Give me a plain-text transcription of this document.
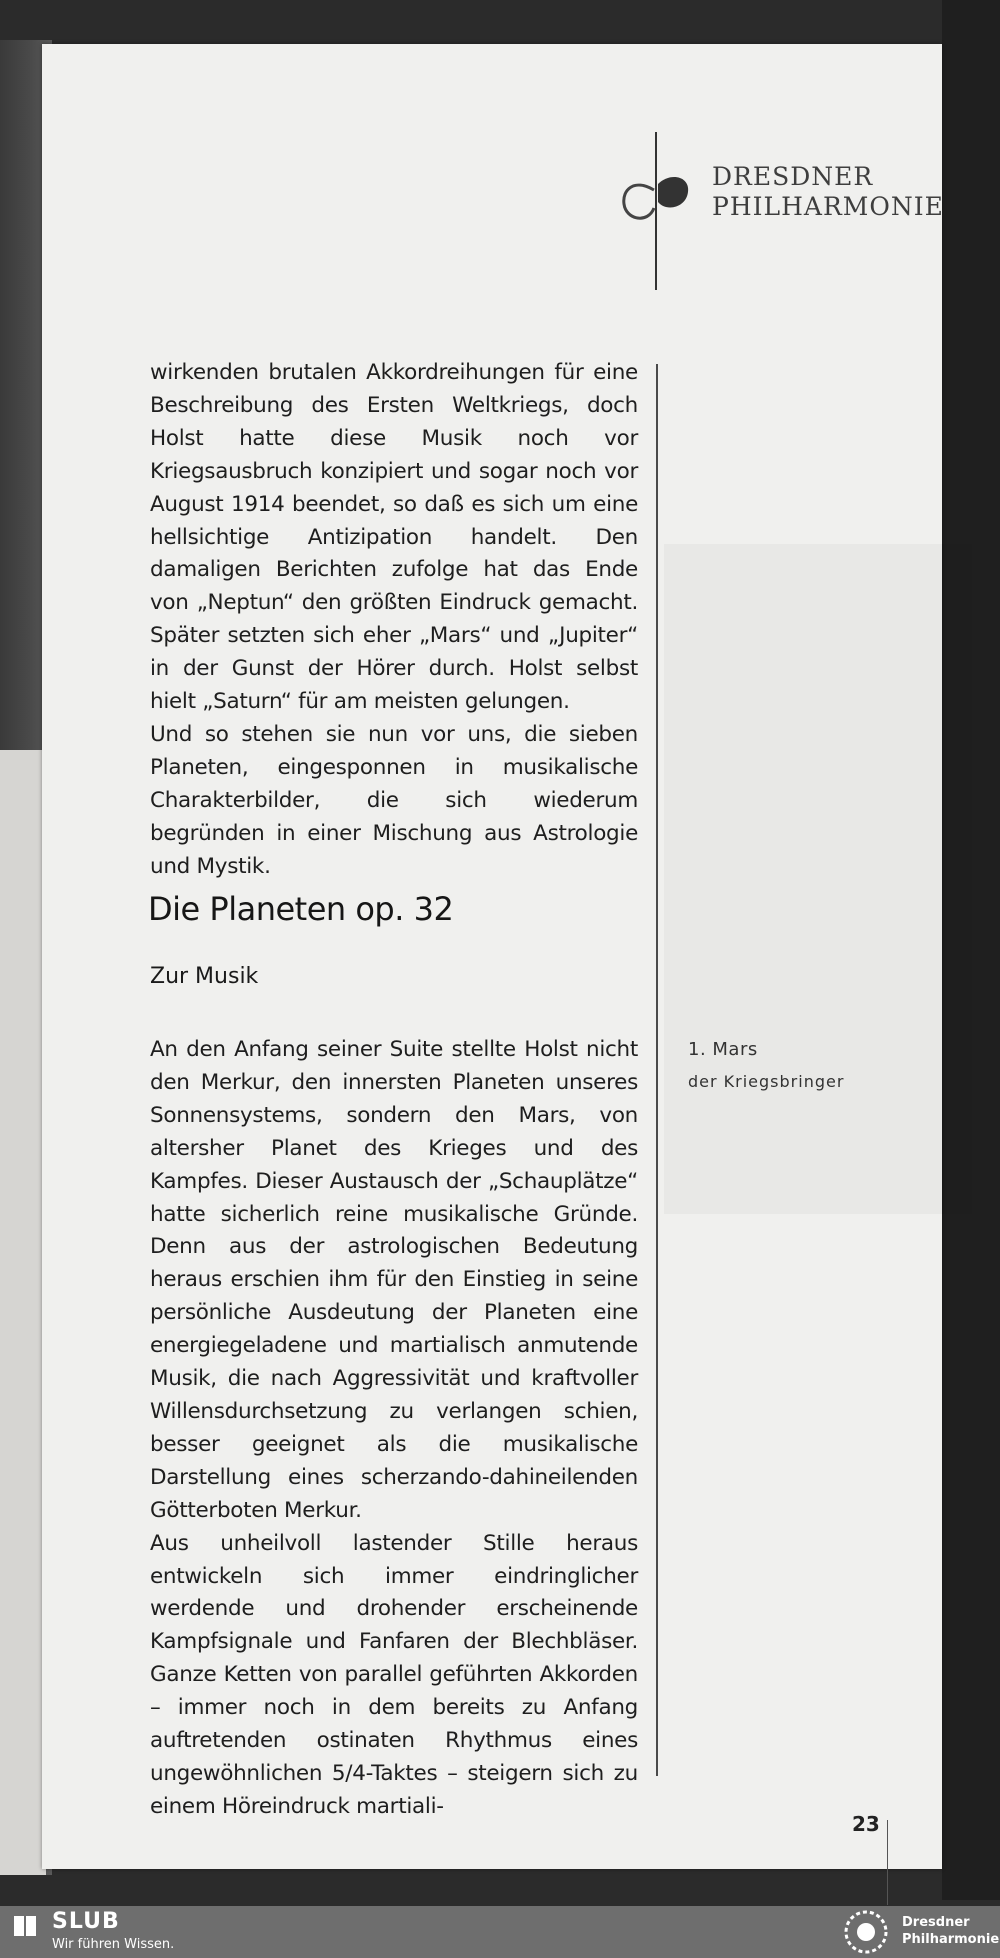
DRESDNER
PHILHARMONIE

wirkenden brutalen Akkordreihungen für eine Beschreibung des Ersten Weltkriegs, doch Holst hatte diese Musik noch vor Kriegsausbruch konzipiert und sogar noch vor August 1914 beendet, so daß es sich um eine hellsichtige Antizipation handelt. Den damaligen Berichten zufolge hat das Ende von „Neptun“ den größten Eindruck gemacht. Später setzten sich eher „Mars“ und „Jupiter“ in der Gunst der Hörer durch. Holst selbst hielt „Saturn“ für am meisten gelungen.

Und so stehen sie nun vor uns, die sieben Planeten, eingesponnen in musikalische Charakterbilder, die sich wiederum begründen in einer Mischung aus Astrologie und Mystik.

Die Planeten op. 32
Zur Musik

An den Anfang seiner Suite stellte Holst nicht den Merkur, den innersten Planeten unseres Sonnensystems, sondern den Mars, von altersher Planet des Krieges und des Kampfes. Dieser Austausch der „Schauplätze“ hatte sicherlich reine musikalische Gründe. Denn aus der astrologischen Bedeutung heraus erschien ihm für den Einstieg in seine persönliche Ausdeutung der Planeten eine energiegeladene und martialisch anmutende Musik, die nach Aggressivität und kraftvoller Willensdurchsetzung zu verlangen schien, besser geeignet als die musikalische Darstellung eines scherzando-dahineilenden Götterboten Merkur.

Aus unheilvoll lastender Stille heraus entwickeln sich immer eindringlicher werdende und drohender erscheinende Kampfsignale und Fanfaren der Blechbläser. Ganze Ketten von parallel geführten Akkorden – immer noch in dem bereits zu Anfang auftretenden ostinaten Rhythmus eines ungewöhnlichen 5/4-Taktes – steigern sich zu einem Höreindruck martiali-

1. Mars
der Kriegsbringer
23
SLUB
Wir führen Wissen.
Dresdner
Philharmonie
